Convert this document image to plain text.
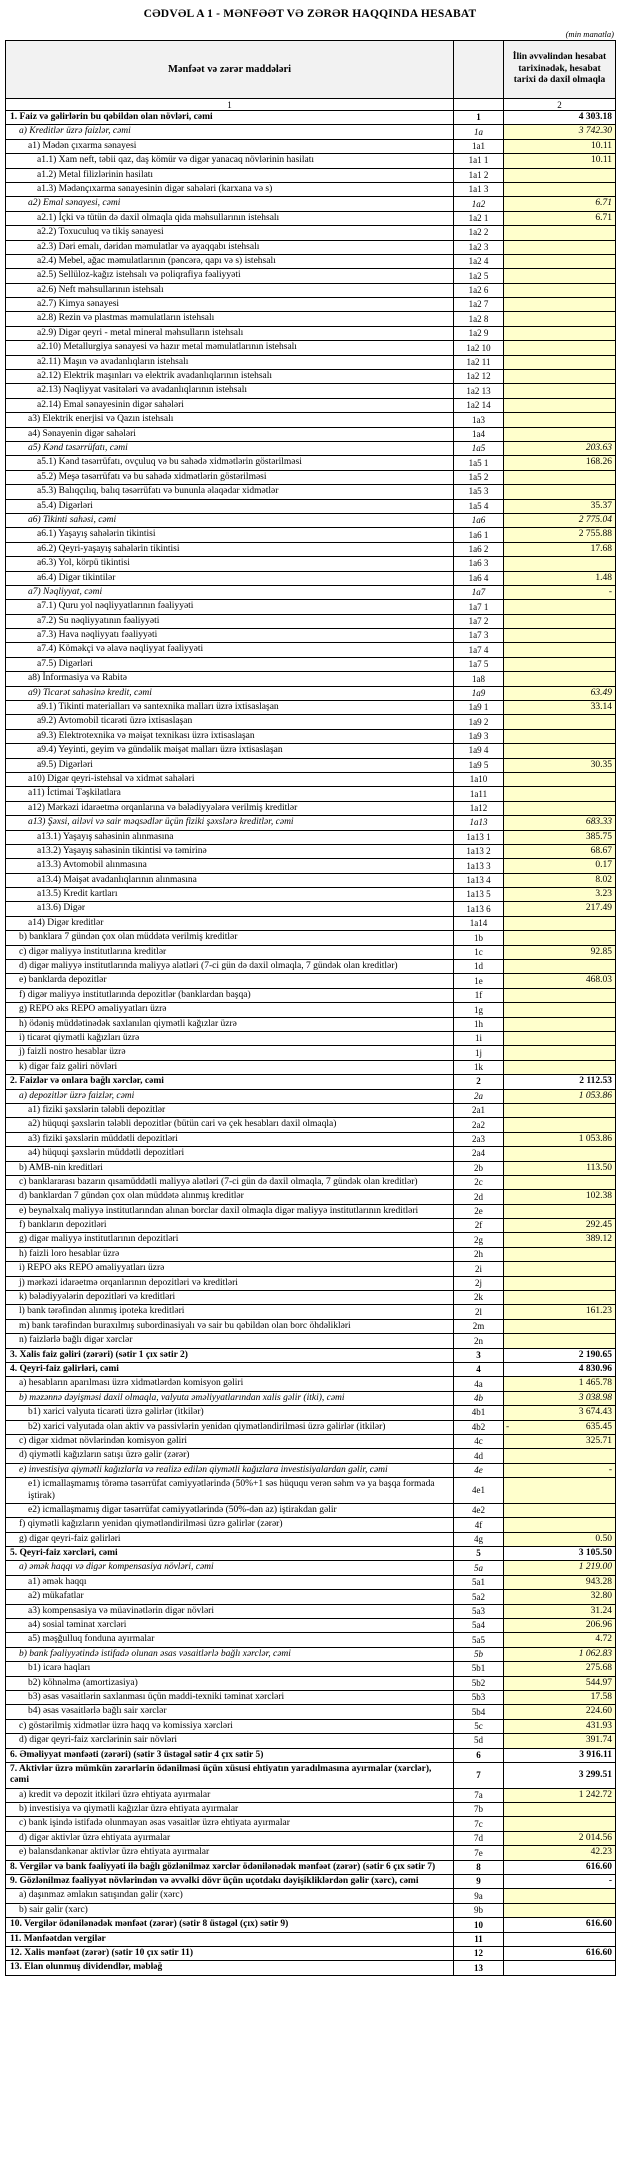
CƏDVƏL A 1 - MƏNFƏƏT VƏ ZƏRƏR HAQQINDA HESABAT
(min manatla)
Mənfəət və zərər maddələri		İlin əvvəlindən hesabat tarixinədək, hesabat tarixi də daxil olmaqla
1		2
1. Faiz və gəlirlərin bu qəbildən olan növləri, cəmi	1	4 303.18
a) Kreditlər üzrə faizlər, cəmi	1a	3 742.30
a1) Mədən çıxarma sənayesi	1a1	10.11
a1.1) Xam neft, təbii qaz, daş kömür və digər yanacaq növlərinin hasilatı	1a1 1	10.11
a1.2) Metal filizlərinin hasilatı	1a1 2	
a1.3) Mədənçıxarma sənayesinin digər sahələri (karxana və s)	1a1 3	
a2) Emal sənayesi, cəmi	1a2	6.71
a2.1) İçki və tütün də daxil olmaqla qida məhsullarının istehsalı	1a2 1	6.71
a2.2) Toxuculuq və tikiş sənayesi	1a2 2	
a2.3) Dəri emalı, dəridən məmulatlar və ayaqqabı istehsalı	1a2 3	
a2.4) Mebel, ağac məmulatlarının (pəncərə, qapı və s) istehsalı	1a2 4	
a2.5) Sellüloz-kağız istehsalı və poliqrafiya fəaliyyəti	1a2 5	
a2.6) Neft məhsullarının istehsalı	1a2 6	
a2.7) Kimya sənayesi	1a2 7	
a2.8) Rezin və plastmas məmulatların istehsalı	1a2 8	
a2.9) Digər qeyri - metal mineral məhsulların istehsalı	1a2 9	
a2.10) Metallurgiya sənayesi və hazır metal məmulatlarının istehsalı	1a2 10	
a2.11) Maşın və avadanlıqların istehsalı	1a2 11	
a2.12) Elektrik maşınları və elektrik avadanlıqlarının istehsalı	1a2 12	
a2.13) Nəqliyyat vasitələri və avadanlıqlarının istehsalı	1a2 13	
a2.14) Emal sənayesinin digər sahələri	1a2 14	
a3) Elektrik enerjisi və Qazın istehsalı	1a3	
a4) Sənayenin digər sahələri	1a4	
a5) Kənd təsərrüfatı, cəmi	1a5	203.63
a5.1) Kənd təsərrüfatı, ovçuluq və bu sahədə xidmətlərin göstərilməsi	1a5 1	168.26
a5.2) Meşə təsərrüfatı və bu sahədə xidmətlərin göstərilməsi	1a5 2	
a5.3) Balıqçılıq, balıq təsərrüfatı və bununla əlaqədar xidmətlər	1a5 3	
a5.4) Digərləri	1a5 4	35.37
a6) Tikinti sahəsi, cəmi	1a6	2 775.04
a6.1) Yaşayış sahələrin tikintisi	1a6 1	2 755.88
a6.2) Qeyri-yaşayış sahələrin tikintisi	1a6 2	17.68
a6.3) Yol, körpü tikintisi	1a6 3	
a6.4) Digər tikintilər	1a6 4	1.48
a7) Nəqliyyat, cəmi	1a7	-
a7.1) Quru yol nəqliyyatlarının fəaliyyəti	1a7 1	
a7.2) Su nəqliyyatının fəaliyyəti	1a7 2	
a7.3) Hava nəqliyyatı fəaliyyəti	1a7 3	
a7.4) Köməkçi və əlavə nəqliyyat fəaliyyəti	1a7 4	
a7.5) Digərləri	1a7 5	
a8) İnformasiya və Rabitə	1a8	
a9) Ticarət sahəsinə kredit, cəmi	1a9	63.49
a9.1) Tikinti materialları və santexnika malları üzrə ixtisaslaşan	1a9 1	33.14
a9.2) Avtomobil ticarəti üzrə ixtisaslaşan	1a9 2	
a9.3) Elektrotexnika və məişət texnikası üzrə ixtisaslaşan	1a9 3	
a9.4) Yeyinti, geyim və gündəlik məişət malları üzrə ixtisaslaşan	1a9 4	
a9.5) Digərləri	1a9 5	30.35
a10) Digər qeyri-istehsal və xidmət sahələri	1a10	
a11) İctimai Təşkilatlara	1a11	
a12) Mərkəzi idarəetmə orqanlarına və bələdiyyələrə verilmiş kreditlər	1a12	
a13) Şəxsi, ailəvi və sair məqsədlər üçün fiziki şəxslərə kreditlər, cəmi	1a13	683.33
a13.1) Yaşayış sahəsinin alınmasına	1a13 1	385.75
a13.2) Yaşayış sahəsinin tikintisi və təmirinə	1a13 2	68.67
a13.3) Avtomobil alınmasına	1a13 3	0.17
a13.4) Məişət avadanlıqlarının alınmasına	1a13 4	8.02
a13.5) Kredit kartları	1a13 5	3.23
a13.6) Digər	1a13 6	217.49
a14) Digər kreditlər	1a14	
b) banklara 7 gündən çox olan müddətə verilmiş kreditlər	1b	
c) digər maliyyə institutlarına kreditlər	1c	92.85
d) digər maliyyə institutlarında maliyyə alətləri (7-ci gün də daxil olmaqla, 7 gündək olan kreditlər)	1d	
e) banklarda depozitlər	1e	468.03
f) digər maliyyə institutlarında depozitlər (banklardan başqa)	1f	
g) REPO əks REPO əməliyyatları üzrə	1g	
h) ödəniş müddətinədək saxlanılan qiymətli kağızlar üzrə	1h	
i) ticarət qiymətli kağızları üzrə	1i	
j) faizli nostro hesablar üzrə	1j	
k) digər faiz gəliri növləri	1k	
2. Faizlər və onlara bağlı xərclər, cəmi	2	2 112.53
a) depozitlər üzrə faizlər, cəmi	2a	1 053.86
a1) fiziki şəxslərin tələbli depozitlər	2a1	
a2) hüquqi şəxslərin tələbli depozitlər (bütün cari və çek hesabları daxil olmaqla)	2a2	
a3) fiziki şəxslərin müddətli depozitləri	2a3	1 053.86
a4) hüquqi şəxslərin müddətli depozitləri	2a4	
b) AMB-nin kreditləri	2b	113.50
c) banklararası bazarın qısamüddətli maliyyə alətləri (7-ci gün də daxil olmaqla, 7 gündək olan kreditlər)	2c	
d) banklardan 7 gündən çox olan müddətə alınmış kreditlər	2d	102.38
e) beynəlxalq maliyyə institutlarından alınan borclar daxil olmaqla digər maliyyə institutlarının kreditləri	2e	
f) bankların depozitləri	2f	292.45
g) digər maliyyə institutlarının depozitləri	2g	389.12
h) faizli loro hesablar üzrə	2h	
i) REPO əks REPO əməliyyatları üzrə	2i	
j) mərkəzi idarəetmə orqanlarının depozitləri və kreditləri	2j	
k) bələdiyyələrin depozitləri və kreditləri	2k	
l) bank tərəfindən alınmış ipoteka kreditləri	2l	161.23
m) bank tərəfindən buraxılmış subordinasiyalı və sair bu qəbildən olan borc öhdəlikləri	2m	
n) faizlərlə bağlı digər xərclər	2n	
3. Xalis faiz gəliri (zərəri) (sətir 1 çıx sətir 2)	3	2 190.65
4. Qeyri-faiz gəlirləri, cəmi	4	4 830.96
a) hesabların aparılması üzrə xidmətlərdən komisyon gəliri	4a	1 465.78
b) məzənnə dəyişməsi daxil olmaqla, valyuta əməliyyatlarından xalis gəlir (itki), cəmi	4b	3 038.98
b1) xarici valyuta ticarəti üzrə gəlirlər (itkilər)	4b1	3 674.43
b2) xarici valyutada olan aktiv və passivlərin yenidən qiymətləndirilməsi üzrə gəlirlər (itkilər)	4b2	- 635.45
c) digər xidmət növlərindən komisyon gəliri	4c	325.71
d) qiymətli kağızların satışı üzrə gəlir (zərər)	4d	
e) investisiya qiymətli kağızlarla və realizə edilən qiymətli kağızlara investisiyalardan gəlir, cəmi	4e	-
e1) icmallaşmamış törəmə təsərrüfat cəmiyyətlərində (50%+1 səs hüququ verən səhm və ya başqa formada iştirak)	4e1	
e2) icmallaşmamış digər təsərrüfat cəmiyyətlərində (50%-dən az) iştirakdan gəlir	4e2	
f) qiymətli kağızların yenidən qiymətləndirilməsi üzrə gəlirlər (zərər)	4f	
g) digər qeyri-faiz gəlirləri	4g	0.50
5. Qeyri-faiz xərcləri, cəmi	5	3 105.50
a) əmək haqqı və digər kompensasiya növləri, cəmi	5a	1 219.00
a1) əmək haqqı	5a1	943.28
a2) mükafatlar	5a2	32.80
a3) kompensasiya və müavinətlərin digər növləri	5a3	31.24
a4) sosial təminat xərcləri	5a4	206.96
a5) məşğulluq fonduna ayırmalar	5a5	4.72
b) bank fəaliyyətində istifadə olunan əsas vəsaitlərlə bağlı xərclər, cəmi	5b	1 062.83
b1) icarə haqları	5b1	275.68
b2) köhnəlmə (amortizasiya)	5b2	544.97
b3) əsas vəsaitlərin saxlanması üçün maddi-texniki təminat xərcləri	5b3	17.58
b4) əsas vəsaitlərlə bağlı sair xərclər	5b4	224.60
c) göstərilmiş xidmətlər üzrə haqq və komissiya xərcləri	5c	431.93
d) digər qeyri-faiz xərclərinin sair növləri	5d	391.74
6. Əməliyyat mənfəəti (zərəri) (sətir 3 üstəgəl sətir 4 çıx sətir 5)	6	3 916.11
7. Aktivlər üzrə mümkün zərərlərin ödənilməsi üçün xüsusi ehtiyatın yaradılmasına ayırmalar (xərclər), cəmi	7	3 299.51
a) kredit və depozit itkiləri üzrə ehtiyata ayırmalar	7a	1 242.72
b) investisiya və qiymətli kağızlar üzrə ehtiyata ayırmalar	7b	
c) bank işində istifadə olunmayan əsas vəsaitlər üzrə ehtiyata ayırmalar	7c	
d) digər aktivlər üzrə ehtiyata ayırmalar	7d	2 014.56
e) balansdankənar aktivlər üzrə ehtiyata ayırmalar	7e	42.23
8. Vergilər və bank fəaliyyəti ilə bağlı gözlənilməz xərclər ödənilənədək mənfəət (zərər) (sətir 6 çıx sətir 7)	8	616.60
9. Gözlənilməz fəaliyyət növlərindən və əvvəlki dövr üçün uçotdakı dəyişikliklərdən gəlir (xərc), cəmi	9	-
a) daşınmaz əmlakın satışından gəlir (xərc)	9a	
b) sair gəlir (xərc)	9b	
10. Vergilər ödənilənədək mənfəət (zərər) (sətir 8 üstəgəl (çıx) sətir 9)	10	616.60
11. Mənfəətdən vergilər	11	
12. Xalis mənfəət (zərər) (sətir 10 çıx sətir 11)	12	616.60
13. Elan olunmuş dividendlər, məbləğ	13	
